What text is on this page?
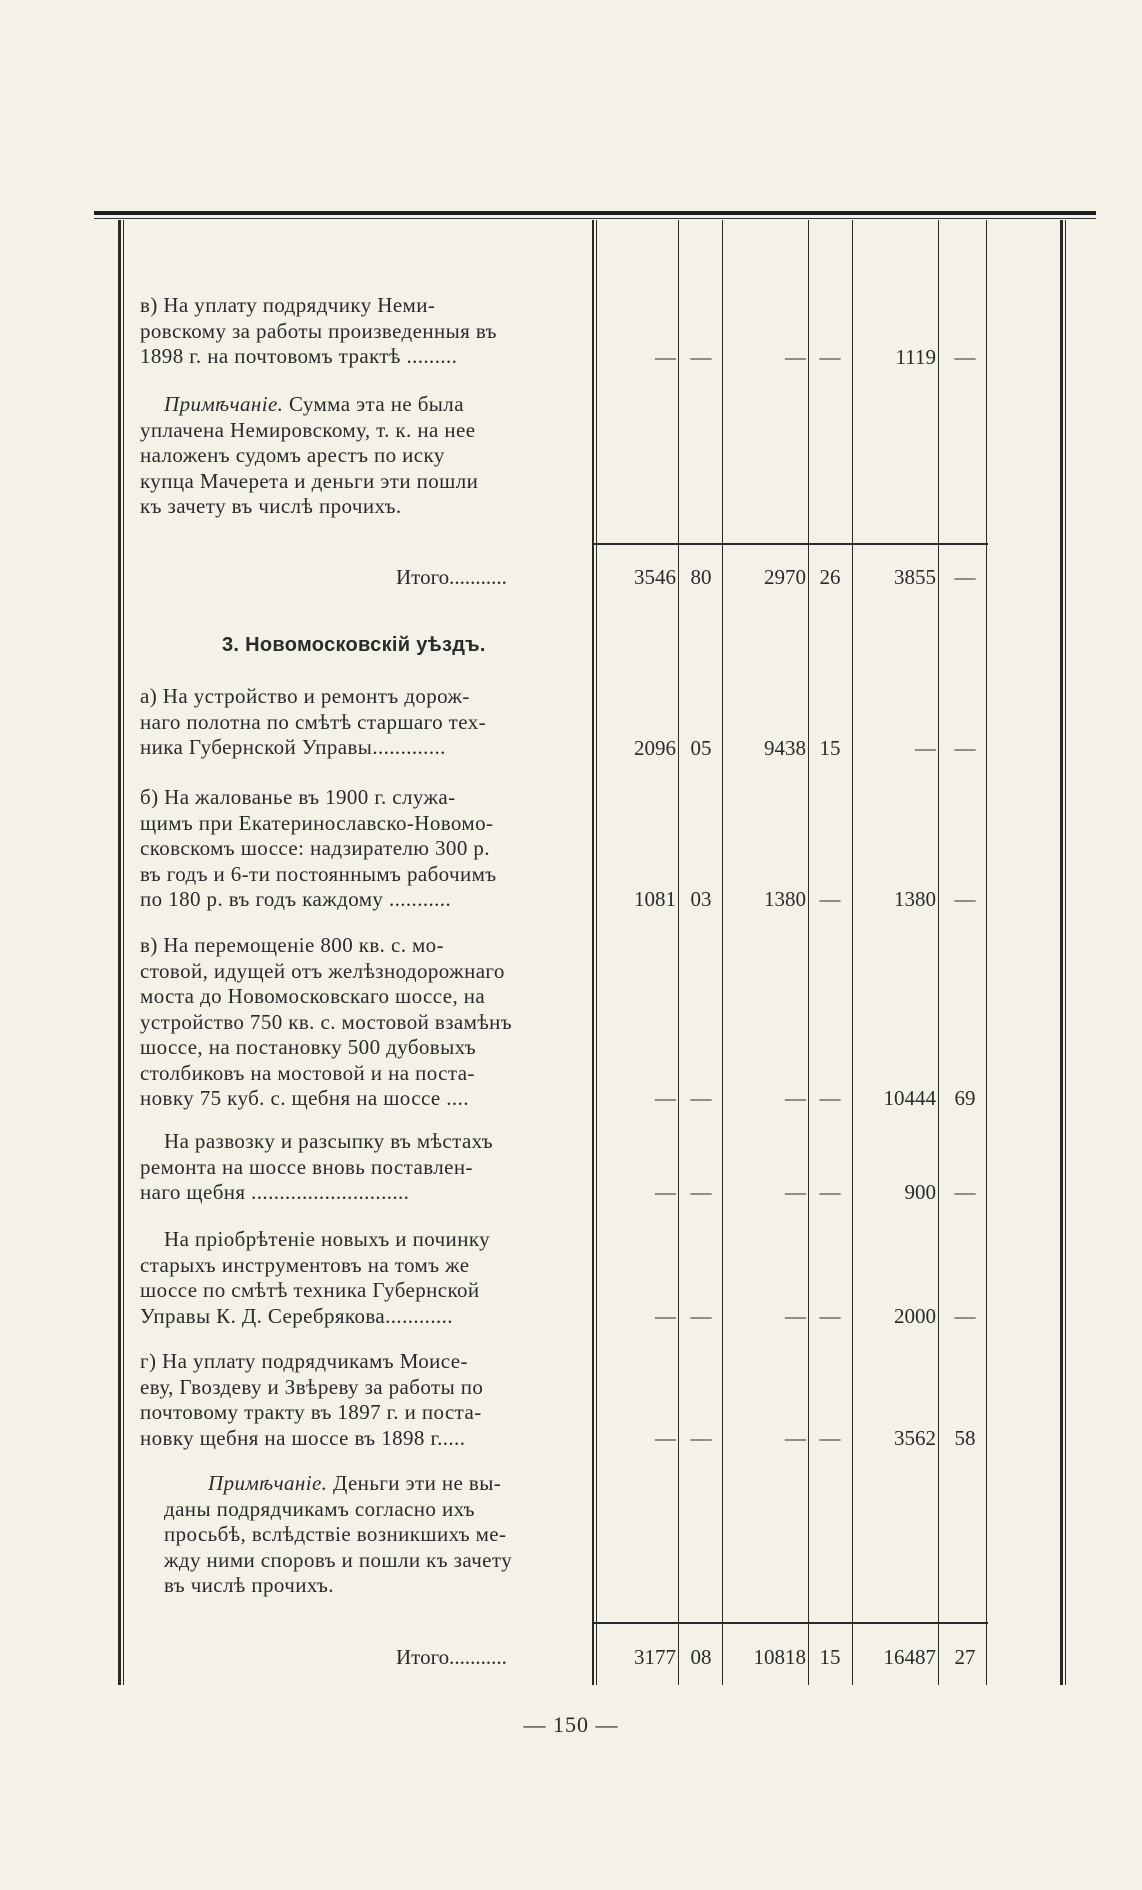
в) На уплату подрядчику Неми-
ровскому за работы произведенныя въ
1898 г. на почтовомъ трактѣ .........	— —	— —	1119 —
Примѣчаніе. Сумма эта не была
уплачена Немировскому, т. к. на нее
наложенъ судомъ арестъ по иску
купца Мачерета и деньги эти пошли
къ зачету въ числѣ прочихъ.
Итого...........	3546 80	2970 26	3855 —
3. Новомосковскій уѣздъ.
а) На устройство и ремонтъ дорож-
наго полотна по смѣтѣ старшаго тех-
ника Губернской Управы.............	2096 05	9438 15	— —
б) На жалованье въ 1900 г. служа-
щимъ при Екатеринославско-Новомо-
сковскомъ шоссе: надзирателю 300 р.
въ годъ и 6-ти постояннымъ рабочимъ
по 180 р. въ годъ каждому ...........	1081 03	1380 —	1380 —
в) На перемощеніе 800 кв. с. мо-
стовой, идущей отъ желѣзнодорожнаго
моста до Новомосковскаго шоссе, на
устройство 750 кв. с. мостовой взамѣнъ
шоссе, на постановку 500 дубовыхъ
столбиковъ на мостовой и на поста-
новку 75 куб. с. щебня на шоссе ....	— —	— —	10444 69
На развозку и разсыпку въ мѣстахъ
ремонта на шоссе вновь поставлен-
наго щебня ............................	— —	— —	900 —
На пріобрѣтеніе новыхъ и починку
старыхъ инструментовъ на томъ же
шоссе по смѣтѣ техника Губернской
Управы К. Д. Серебрякова............	— —	— —	2000 —
г) На уплату подрядчикамъ Моисе-
еву, Гвоздеву и Звѣреву за работы по
почтовому тракту въ 1897 г. и поста-
новку щебня на шоссе въ 1898 г.....	— —	— —	3562 58
Примѣчаніе. Деньги эти не вы-
даны подрядчикамъ согласно ихъ
просьбѣ, вслѣдствіе возникшихъ ме-
жду ними споровъ и пошли къ зачету
въ числѣ прочихъ.
Итого...........	3177 08	10818 15	16487 27
— 150 —
